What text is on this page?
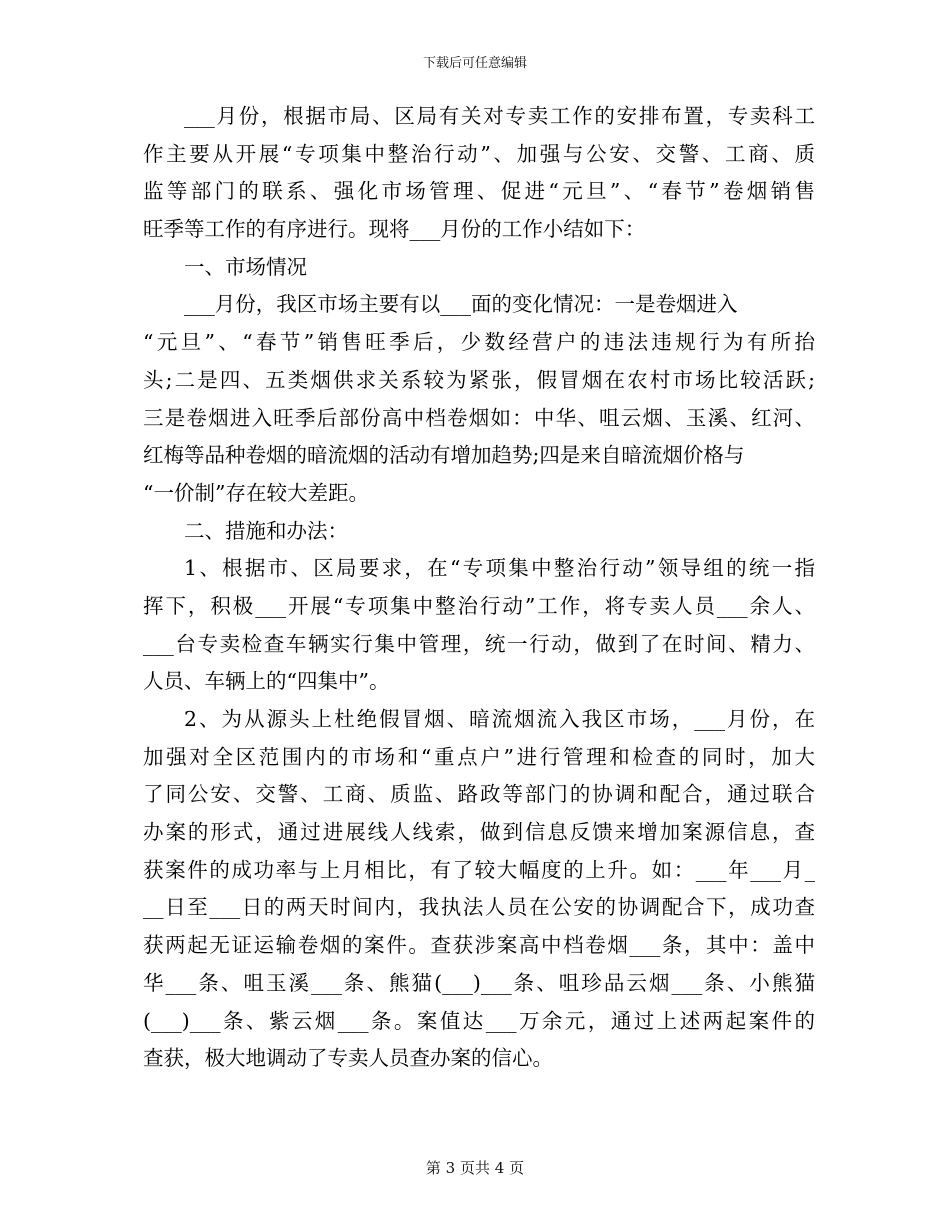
下载后可任意编辑
___月份，根据市局、区局有关对专卖工作的安排布置，专卖科工
作主要从开展“专项集中整治行动”、加强与公安、交警、工商、质
监等部门的联系、强化市场管理、促进“元旦”、“春节”卷烟销售
旺季等工作的有序进行。现将___月份的工作小结如下：
一、市场情况
___月份，我区市场主要有以___面的变化情况：一是卷烟进入
“元旦”、“春节”销售旺季后，少数经营户的违法违规行为有所抬
头;二是四、五类烟供求关系较为紧张，假冒烟在农村市场比较活跃;
三是卷烟进入旺季后部份高中档卷烟如：中华、咀云烟、玉溪、红河、
红梅等品种卷烟的暗流烟的活动有增加趋势;四是来自暗流烟价格与
“一价制”存在较大差距。
二、措施和办法：
1、根据市、区局要求，在“专项集中整治行动”领导组的统一指
挥下，积极___开展“专项集中整治行动”工作，将专卖人员___余人、
___台专卖检查车辆实行集中管理，统一行动，做到了在时间、精力、
人员、车辆上的“四集中”。
2、为从源头上杜绝假冒烟、暗流烟流入我区市场，___月份，在
加强对全区范围内的市场和“重点户”进行管理和检查的同时，加大
了同公安、交警、工商、质监、路政等部门的协调和配合，通过联合
办案的形式，通过进展线人线索，做到信息反馈来增加案源信息，查
获案件的成功率与上月相比，有了较大幅度的上升。如：___年___月_
__日至___日的两天时间内，我执法人员在公安的协调配合下，成功查
获两起无证运输卷烟的案件。查获涉案高中档卷烟___条，其中：盖中
华___条、咀玉溪___条、熊猫(___)___条、咀珍品云烟___条、小熊猫
(___)___条、紫云烟___条。案值达___万余元，通过上述两起案件的
查获，极大地调动了专卖人员查办案的信心。
第 3 页共 4 页
